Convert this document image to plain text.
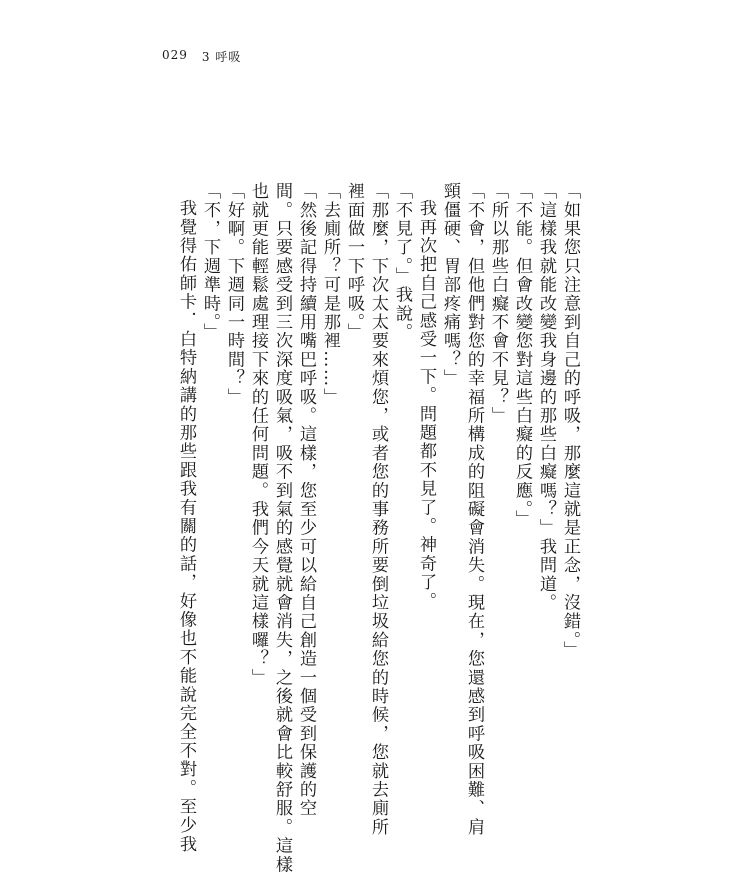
029 3 呼吸
「如果您只注意到自己的呼吸，那麼這就是正念，沒錯。」
「這樣我就能改變我身邊的那些白癡嗎？」我問道。
「不能。但會改變您對這些白癡的反應。」
「所以那些白癡不會不見？」
「不會，但他們對您的幸福所構成的阻礙會消失。現在，您還感到呼吸困難、肩
頸僵硬、胃部疼痛嗎？」
我再次把自己感受一下。問題都不見了。神奇了。
「不見了。」我說。
「那麼，下次太太要來煩您，或者您的事務所要倒垃圾給您的時候，您就去廁所
裡面做一下呼吸。」
「去廁所？可是那裡……」
「然後記得持續用嘴巴呼吸。這樣，您至少可以給自己創造一個受到保護的空
間。只要感受到三次深度吸氣，吸不到氣的感覺就會消失，之後就會比較舒服。這樣
也就更能輕鬆處理接下來的任何問題。我們今天就這樣囉？」
「好啊。下週同一時間？」
「不，下週準時。」
我覺得佑師卡．白特納講的那些跟我有關的話，好像也不能說完全不對。至少我
